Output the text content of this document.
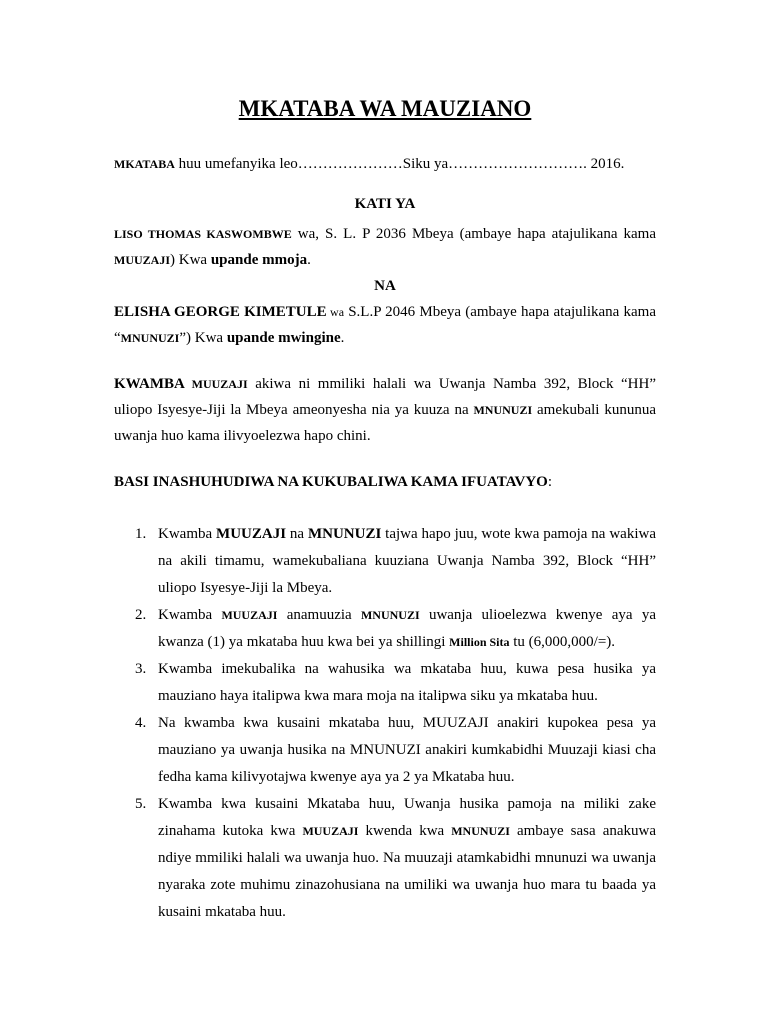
MKATABA WA MAUZIANO

MKATABA huu umefanyika leo…………………Siku ya………………………. 2016.

KATI YA

LISO THOMAS KASWOMBWE wa, S. L. P 2036 Mbeya (ambaye hapa atajulikana kama MUUZAJI) Kwa upande mmoja.

NA

ELISHA GEORGE KIMETULE wa S.L.P 2046 Mbeya (ambaye hapa atajulikana kama “MNUNUZI”) Kwa upande mwingine.

KWAMBA MUUZAJI akiwa ni mmiliki halali wa Uwanja Namba 392, Block “HH” uliopo Isyesye-Jiji la Mbeya ameonyesha nia ya kuuza na MNUNUZI amekubali kununua uwanja huo kama ilivyoelezwa hapo chini.

BASI INASHUHUDIWA NA KUKUBALIWA KAMA IFUATAVYO:

1. Kwamba MUUZAJI na MNUNUZI tajwa hapo juu, wote kwa pamoja na wakiwa na akili timamu, wamekubaliana kuuziana Uwanja Namba 392, Block “HH” uliopo Isyesye-Jiji la Mbeya.
2. Kwamba MUUZAJI anamuuzia MNUNUZI uwanja ulioelezwa kwenye aya ya kwanza (1) ya mkataba huu kwa bei ya shillingi Million Sita tu (6,000,000/=).
3. Kwamba imekubalika na wahusika wa mkataba huu, kuwa pesa husika ya mauziano haya italipwa kwa mara moja na italipwa siku ya mkataba huu.
4. Na kwamba kwa kusaini mkataba huu, MUUZAJI anakiri kupokea pesa ya mauziano ya uwanja husika na MNUNUZI anakiri kumkabidhi Muuzaji kiasi cha fedha kama kilivyotajwa kwenye aya ya 2 ya Mkataba huu.
5. Kwamba kwa kusaini Mkataba huu, Uwanja husika pamoja na miliki zake zinahama kutoka kwa MUUZAJI kwenda kwa MNUNUZI ambaye sasa anakuwa ndiye mmiliki halali wa uwanja huo. Na muuzaji atamkabidhi mnunuzi wa uwanja nyaraka zote muhimu zinazohusiana na umiliki wa uwanja huo mara tu baada ya kusaini mkataba huu.
